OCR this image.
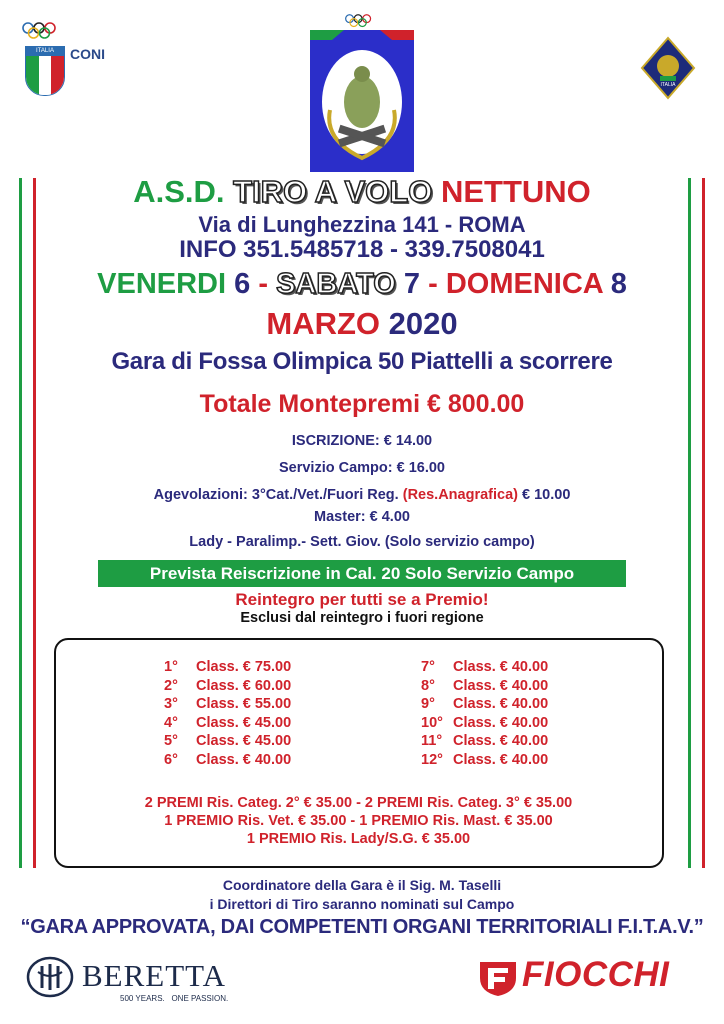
ITALIA	CONI
ITALIA
A.S.D. TIRO A VOLO NETTUNO
Via di Lunghezzina 141 - ROMA
INFO 351.5485718 - 339.7508041
VENERDI 6 - SABATO 7 - DOMENICA 8
MARZO 2020
Gara di Fossa Olimpica 50 Piattelli a scorrere
Totale Montepremi € 800.00
ISCRIZIONE: € 14.00
Servizio Campo: € 16.00
Agevolazioni: 3°Cat./Vet./Fuori Reg. (Res.Anagrafica) € 10.00
Master: € 4.00
Lady - Paralimp.- Sett. Giov. (Solo servizio campo)
Prevista Reiscrizione in Cal. 20 Solo Servizio Campo
Reintegro per tutti se a Premio!
Esclusi dal reintegro i fuori regione
1° Class. € 75.00
2° Class. € 60.00
3° Class. € 55.00
4° Class. € 45.00
5° Class. € 45.00
6° Class. € 40.00
7° Class. € 40.00
8° Class. € 40.00
9° Class. € 40.00
10° Class. € 40.00
11° Class. € 40.00
12° Class. € 40.00
2 PREMI Ris. Categ. 2° € 35.00 - 2 PREMI Ris. Categ. 3° € 35.00
1 PREMIO Ris. Vet. € 35.00 - 1 PREMIO Ris. Mast. € 35.00
1 PREMIO Ris. Lady/S.G. € 35.00
Coordinatore della Gara è il Sig. M. Taselli
i Direttori di Tiro saranno nominati sul Campo
“GARA APPROVATA, DAI COMPETENTI ORGANI TERRITORIALI F.I.T.A.V.”
BERETTA
500 YEARS.   ONE PASSION.
FIOCCHI
